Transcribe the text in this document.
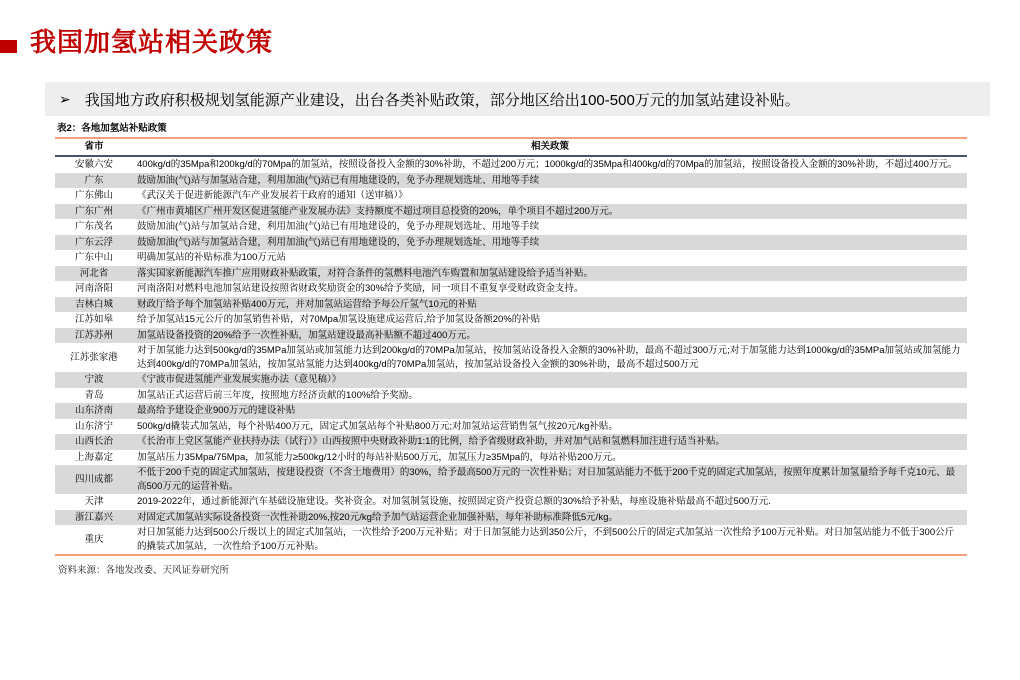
我国加氢站相关政策
➢ 我国地方政府积极规划氢能源产业建设，出台各类补贴政策，部分地区给出100-500万元的加氢站建设补贴。
表2：各地加氢站补贴政策
省市	相关政策
安徽六安	400kg/d的35Mpa和200kg/d的70Mpa的加氢站，按照设备投入金额的30%补助，不超过200万元；1000kg/d的35Mpa和400kg/d的70Mpa的加氢站，按照设备投入金额的30%补助，不超过400万元。
广东	鼓励加油(气)站与加氢站合建，利用加油(气)站已有用地建设的，免予办理规划选址、用地等手续
广东佛山	《武汉关于促进新能源汽车产业发展若干政府的通知（送审稿）》
广东广州	《广州市黄埔区广州开发区促进氢能产业发展办法》支持额度不超过项目总投资的20%，单个项目不超过200万元。
广东茂名	鼓励加油(气)站与加氢站合建，利用加油(气)站已有用地建设的，免予办理规划选址、用地等手续
广东云浮	鼓励加油(气)站与加氢站合建，利用加油(气)站已有用地建设的，免予办理规划选址、用地等手续
广东中山	明确加氢站的补贴标准为100万元站
河北省	落实国家新能源汽车推广应用财政补贴政策，对符合条件的氢燃料电池汽车购置和加氢站建设给予适当补贴。
河南洛阳	河南洛阳对燃料电池加氢站建设按照省财政奖励资金的30%给予奖励，同一项目不重复享受财政资金支持。
吉林白城	财政厅给予每个加氢站补贴400万元，并对加氢站运营给予每公斤氢气10元的补贴
江苏如皋	给予加氢站15元公斤的加氢销售补贴，对70Mpa加氢设施建成运营后,给予加氢设备额20%的补贴
江苏苏州	加氢站设备投资的20%给予一次性补贴，加氢站建设最高补贴额不超过400万元。
江苏张家港	对于加氢能力达到500kg/d的35MPa加氢站或加氢能力达到200kg/d的70MPa加氢站，按加氢站设备投入金额的30%补助，最高不超过300万元;对于加氢能力达到1000kg/d的35MPa加氢站或加氢能力达到400kg/d的70MPa加氢站，按加氢站氢能力达到400kg/d的70MPa加氢站，按加氢站设备投入金额的30%补助，最高不超过500万元
宁波	《宁波市促进氢能产业发展实施办法（意见稿）》
青岛	加氢站正式运营后前三年度，按照地方经济贡献的100%给予奖励。
山东济南	最高给予建设企业900万元的建设补贴
山东济宁	500kg/d撬装式加氢站，每个补贴400万元，固定式加氢站每个补贴800万元;对加氢站运营销售氢气按20元/kg补贴。
山西长治	《长治市上党区氢能产业扶持办法（试行）》山西按照中央财政补助1:1的比例，给予省级财政补助，并对加气站和氢燃料加注进行适当补贴。
上海嘉定	加氢站压力35Mpa/75Mpa，加氢能力≥500kg/12小时的每站补贴500万元，加氢压力≥35Mpa的，每站补贴200万元。
四川成都	不低于200千克的固定式加氢站，按建设投资（不含土地费用）的30%，给予最高500万元的一次性补贴；对日加氢站能力不低于200千克的固定式加氢站，按照年度累计加氢量给予每千克10元、最高500万元的运营补贴。
天津	2019-2022年，通过新能源汽车基础设施建设。奖补资金。对加氢制氢设施，按照固定资产投资总额的30%给予补贴，每座设施补贴最高不超过500万元.
浙江嘉兴	对固定式加氢站实际设备投资一次性补助20%,按20元/kg给予加气站运营企业加强补贴，每年补助标准降低5元/kg。
重庆	对日加氢能力达到500公斤级以上的固定式加氢站，一次性给予200万元补贴；对于日加氢能力达到350公斤，不到500公斤的固定式加氢站一次性给予100万元补贴。对日加氢站能力不低于300公斤的撬装式加氢站，一次性给予100万元补贴。
资料来源：各地发改委、天风证券研究所
